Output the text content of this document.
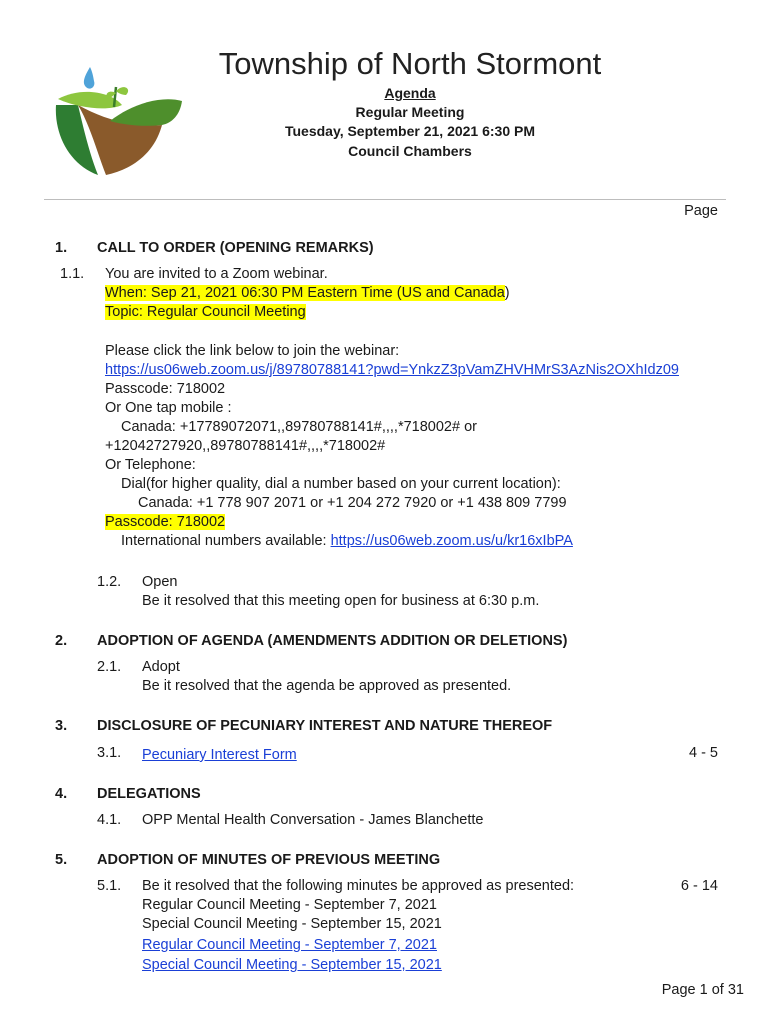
Township of North Stormont
Agenda
Regular Meeting
Tuesday, September 21, 2021 6:30 PM
Council Chambers
Page
1. CALL TO ORDER (OPENING REMARKS)
1.1. You are invited to a Zoom webinar.
When: Sep 21, 2021 06:30 PM Eastern Time (US and Canada)
Topic: Regular Council Meeting
Please click the link below to join the webinar:
https://us06web.zoom.us/j/89780788141?pwd=YnkzZ3pVamZHVHMrS3AzNis2OXhIdz09
Passcode: 718002
Or One tap mobile :
Canada: +17789072071,,89780788141#,,,,*718002# or
+12042727920,,89780788141#,,,,*718002#
Or Telephone:
Dial(for higher quality, dial a number based on your current location):
Canada: +1 778 907 2071 or +1 204 272 7920 or +1 438 809 7799
Passcode: 718002
International numbers available: https://us06web.zoom.us/u/kr16xIbPA
1.2. Open
Be it resolved that this meeting open for business at 6:30 p.m.
2. ADOPTION OF AGENDA (AMENDMENTS ADDITION OR DELETIONS)
2.1. Adopt
Be it resolved that the agenda be approved as presented.
3. DISCLOSURE OF PECUNIARY INTEREST AND NATURE THEREOF
3.1. Pecuniary Interest Form	4 - 5
4. DELEGATIONS
4.1. OPP Mental Health Conversation - James Blanchette
5. ADOPTION OF MINUTES OF PREVIOUS MEETING
5.1. Be it resolved that the following minutes be approved as presented:	6 - 14
Regular Council Meeting - September 7, 2021
Special Council Meeting - September 15, 2021
Regular Council Meeting - September 7, 2021
Special Council Meeting - September 15, 2021
Page 1 of 31
